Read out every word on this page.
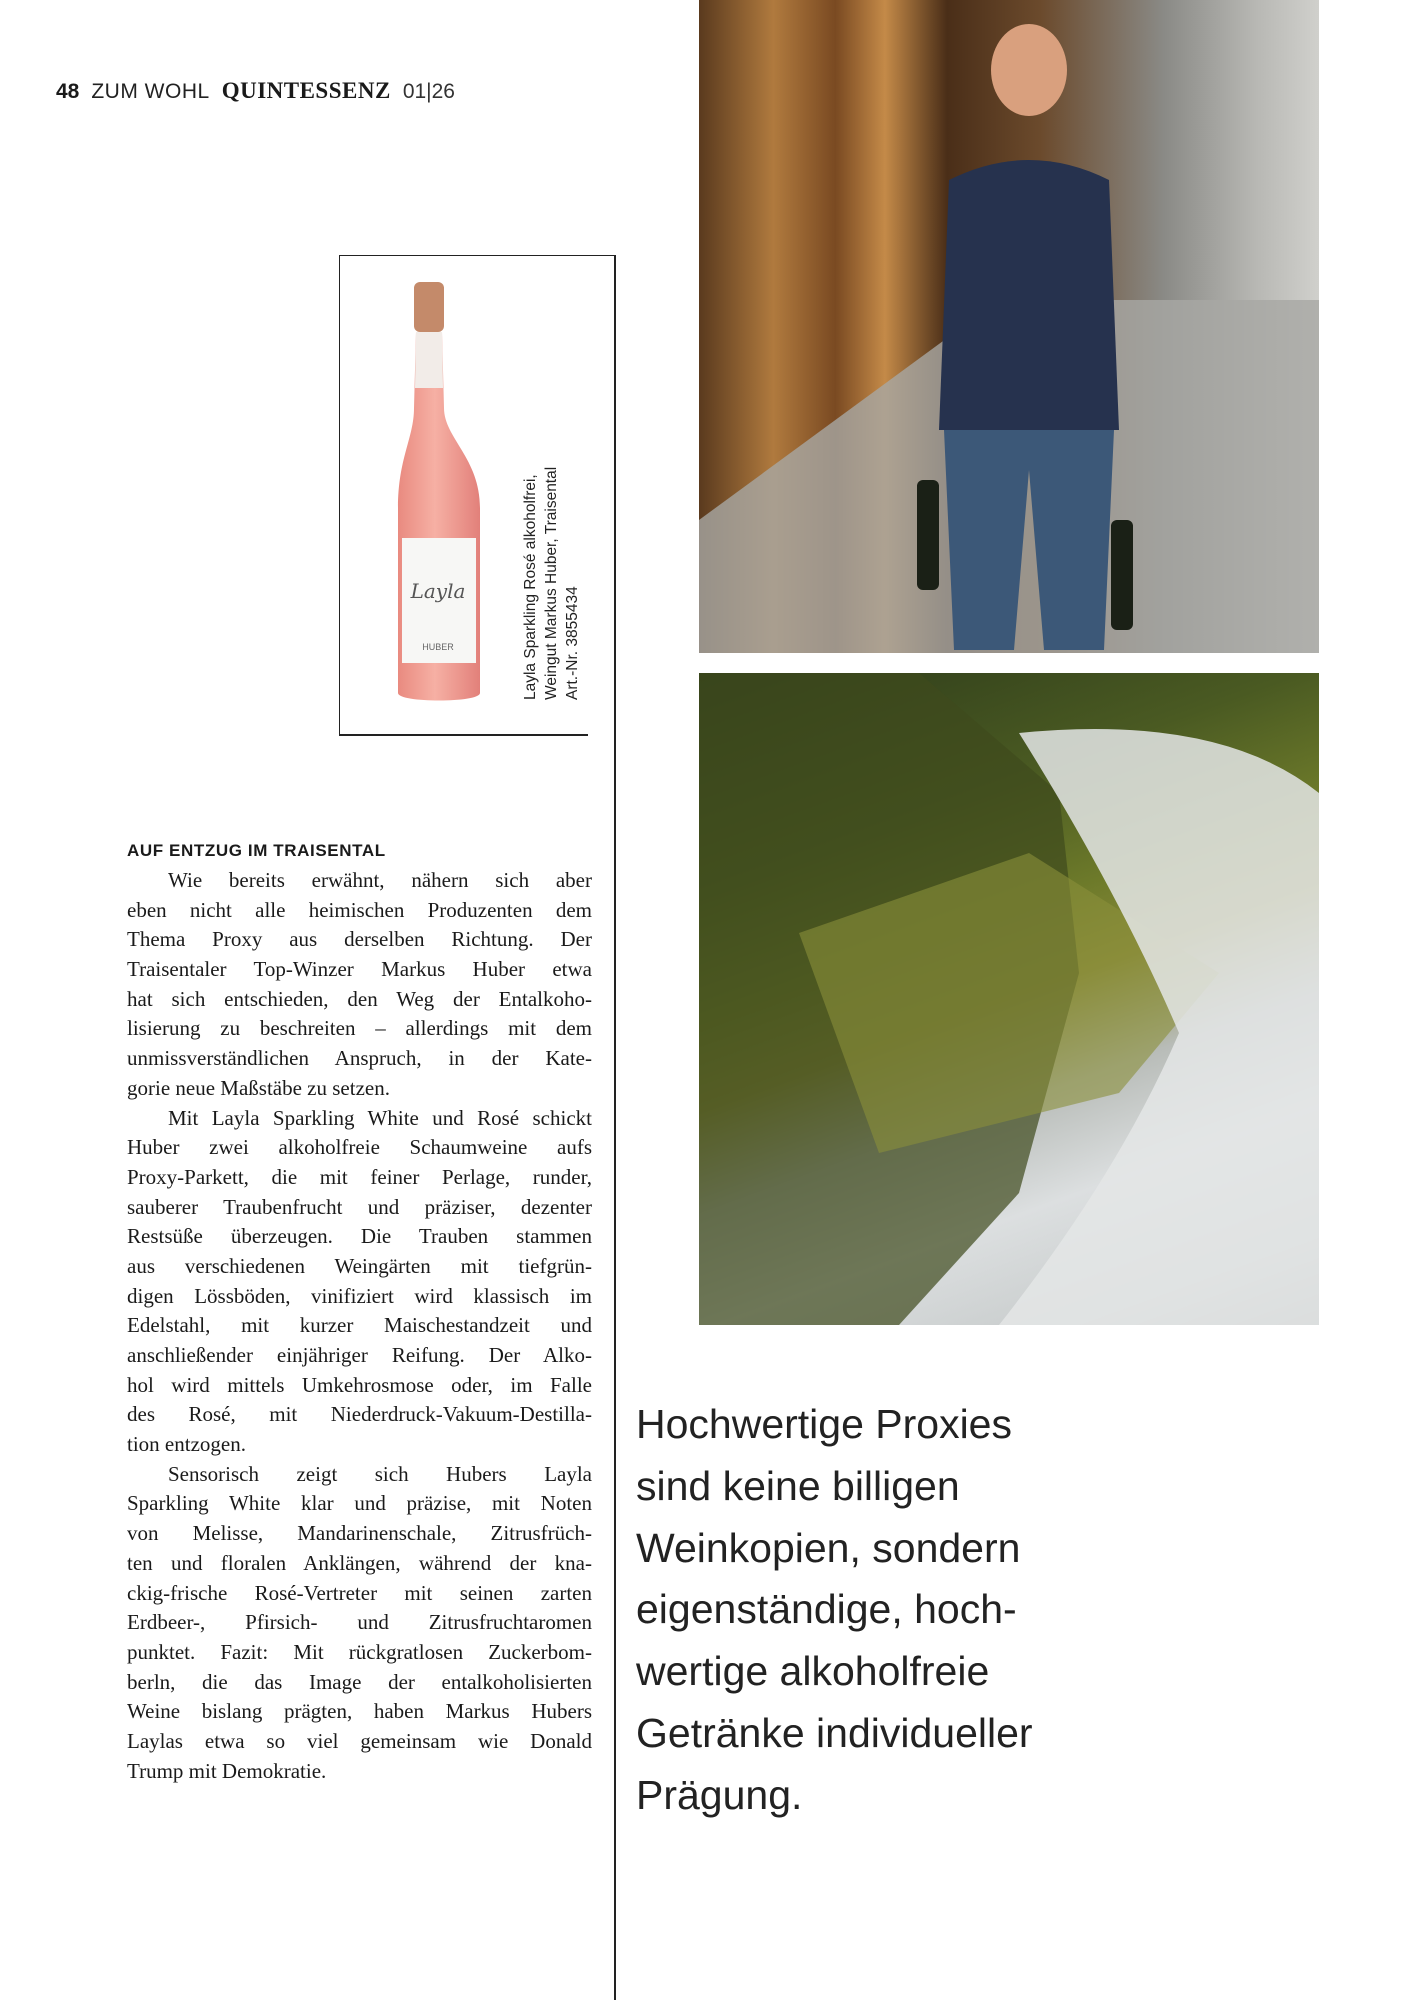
48 ZUM WOHL QUINTESSENZ 01|26
Layla
HUBER	Layla Sparkling Rosé alkoholfrei, Weingut Markus Huber, Traisental Art.-Nr. 3855434
AUF ENTZUG IM TRAISENTAL
Wie bereits erwähnt, nähern sich aber
eben nicht alle heimischen Produzenten dem
Thema Proxy aus derselben Richtung. Der
Traisentaler Top-Winzer Markus Huber etwa
hat sich entschieden, den Weg der Entalkoho-
lisierung zu beschreiten – allerdings mit dem
unmissverständlichen Anspruch, in der Kate-
gorie neue Maßstäbe zu setzen.
Mit Layla Sparkling White und Rosé schickt
Huber zwei alkoholfreie Schaumweine aufs
Proxy-Parkett, die mit feiner Perlage, runder,
sauberer Traubenfrucht und präziser, dezenter
Restsüße überzeugen. Die Trauben stammen
aus verschiedenen Weingärten mit tiefgrün-
digen Lössböden, vinifiziert wird klassisch im
Edelstahl, mit kurzer Maischestandzeit und
anschließender einjähriger Reifung. Der Alko-
hol wird mittels Umkehrosmose oder, im Falle
des Rosé, mit Niederdruck-Vakuum-Destilla-
tion entzogen.
Sensorisch zeigt sich Hubers Layla
Sparkling White klar und präzise, mit Noten
von Melisse, Mandarinenschale, Zitrusfrüch-
ten und floralen Anklängen, während der kna-
ckig-frische Rosé-Vertreter mit seinen zarten
Erdbeer-, Pfirsich- und Zitrusfruchtaromen
punktet. Fazit: Mit rückgratlosen Zuckerbom-
berln, die das Image der entalkoholisierten
Weine bislang prägten, haben Markus Hubers
Laylas etwa so viel gemeinsam wie Donald
Trump mit Demokratie.
Hochwertige Proxies
sind keine billigen
Weinkopien, sondern
eigenständige, hoch-
wertige alkoholfreie
Getränke individueller
Prägung.
